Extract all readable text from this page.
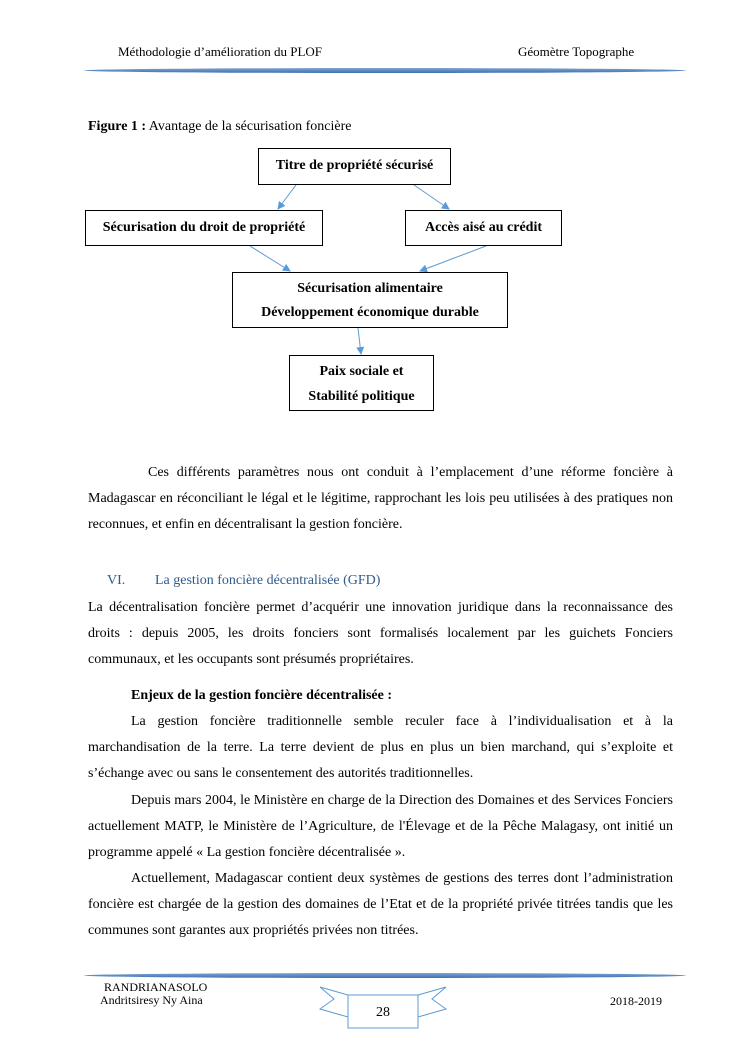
Méthodologie d’amélioration du PLOF	Géomètre Topographe
Figure 1 : Avantage de la sécurisation foncière
Titre de propriété sécurisé
Sécurisation du droit de propriété	Accès aisé au crédit
Sécurisation alimentaire
Développement économique durable
Paix sociale et
Stabilité politique
Ces différents paramètres nous ont conduit à l’emplacement d’une réforme foncière à Madagascar en réconciliant le légal et le légitime, rapprochant les lois peu utilisées à des pratiques non reconnues, et enfin en décentralisant la gestion foncière.
VI. La gestion foncière décentralisée (GFD)
La décentralisation foncière permet d’acquérir une innovation juridique dans la reconnaissance des droits : depuis 2005, les droits fonciers sont formalisés localement par les guichets Fonciers communaux, et les occupants sont présumés propriétaires.
Enjeux de la gestion foncière décentralisée :
La gestion foncière traditionnelle semble reculer face à l’individualisation et à la marchandisation de la terre. La terre devient de plus en plus un bien marchand, qui s’exploite et s’échange avec ou sans le consentement des autorités traditionnelles.
Depuis mars 2004, le Ministère en charge de la Direction des Domaines et des Services Fonciers actuellement MATP, le Ministère de l’Agriculture, de l'Élevage et de la Pêche Malagasy, ont initié un programme appelé « La gestion foncière décentralisée ».
Actuellement, Madagascar contient deux systèmes de gestions des terres dont l’administration foncière est chargée de la gestion des domaines de l’Etat et de la propriété privée titrées tandis que les communes sont garantes aux propriétés privées non titrées.
RANDRIANASOLO
Andritsiresy Ny Aina
28
2018-2019
